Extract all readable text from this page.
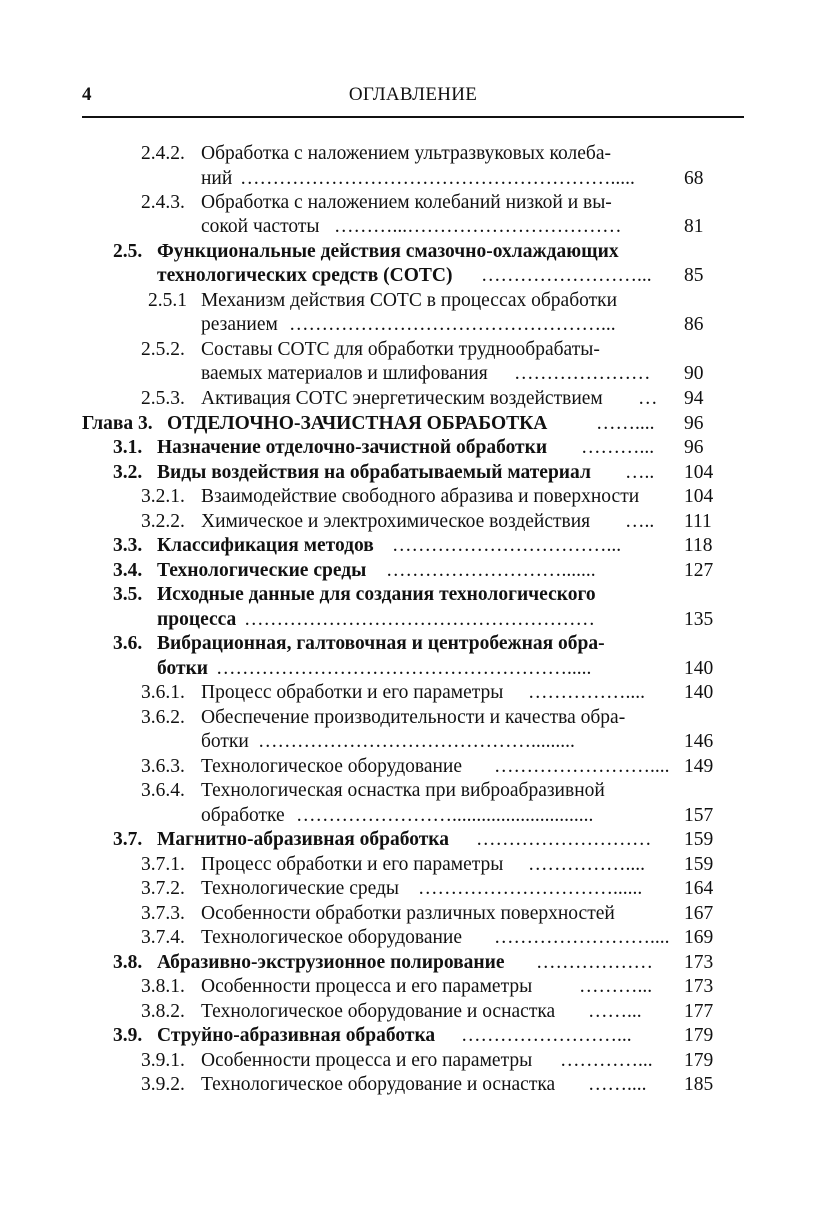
4	ОГЛАВЛЕНИЕ
2.4.2. Обработка с наложением ультразвуковых колеба-
ний ………………………………………………….....	68
2.4.3. Обработка с наложением колебаний низкой и вы-
сокой частоты ………...……………………………	81
2.5. Функциональные действия смазочно-охлаждающих
технологических средств (СОТС) ……………………... 85
2.5.1 Механизм действия СОТС в процессах обработки
резанием …………………………………………...	86
2.5.2. Составы СОТС для обработки труднообрабаты-
ваемых материалов и шлифования ………………… 90
2.5.3. Активация СОТС энергетическим воздействием … 94
Глава 3. ОТДЕЛОЧНО-ЗАЧИСТНАЯ ОБРАБОТКА …….... 96
3.1. Назначение отделочно-зачистной обработки ………... 96
3.2. Виды воздействия на обрабатываемый материал ….. 104
3.2.1. Взаимодействие свободного абразива и поверхности 104
3.2.2. Химическое и электрохимическое воздействия ….. 111
3.3. Классификация методов ……………………………...	118
3.4. Технологические среды ……………………….......	127
3.5. Исходные данные для создания технологического
процесса ………………………………………………	135
3.6. Вибрационная, галтовочная и центробежная обра-
ботки ……………………………………………….....	140
3.6.1. Процесс обработки и его параметры …………….... 140
3.6.2. Обеспечение производительности и качества обра-
ботки …………………………………….........	146
3.6.3. Технологическое оборудование …………………….... 149
3.6.4. Технологическая оснастка при виброабразивной
обработке …………………….............................	157
3.7. Магнитно-абразивная обработка ……………………… 159
3.7.1. Процесс обработки и его параметры …………….... 159
3.7.2. Технологические среды …………………………...... 164
3.7.3. Особенности обработки различных поверхностей	167
3.7.4. Технологическое оборудование …………………….... 169
3.8. Абразивно-экструзионное полирование ……………… 173
3.8.1. Особенности процесса и его параметры ………... 173
3.8.2. Технологическое оборудование и оснастка ……... 177
3.9. Струйно-абразивная обработка ……………………...	179
3.9.1. Особенности процесса и его параметры …………... 179
3.9.2. Технологическое оборудование и оснастка …….... 185
